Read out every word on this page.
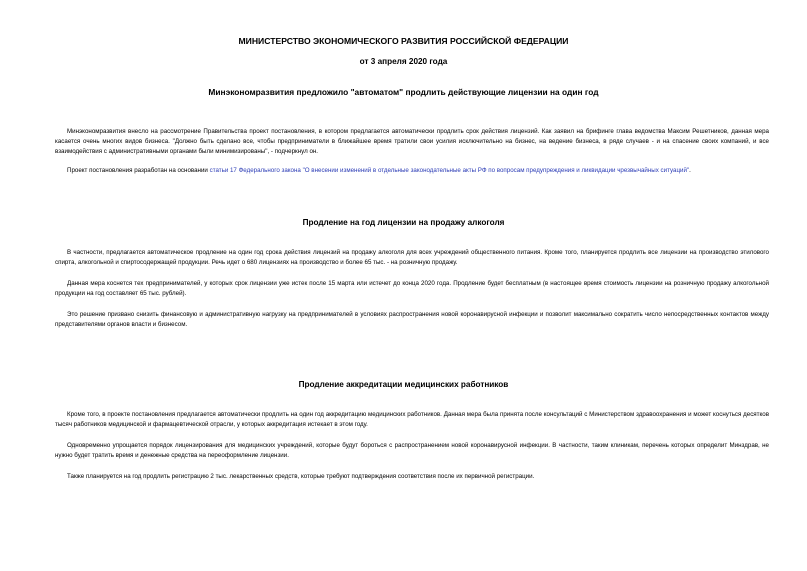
МИНИСТЕРСТВО ЭКОНОМИЧЕСКОГО РАЗВИТИЯ РОССИЙСКОЙ ФЕДЕРАЦИИ
от 3 апреля 2020 года
Минэкономразвития предложило "автоматом" продлить действующие лицензии на один год
Минэкономразвития внесло на рассмотрение Правительства проект постановления, в котором предлагается автоматически продлить срок действия лицензий. Как заявил на брифинге глава ведомства Максим Решетников, данная мера касается очень многих видов бизнеса. "Должно быть сделано все, чтобы предприниматели в ближайшее время тратили свои усилия исключительно на бизнес, на ведение бизнеса, в ряде случаев - и на спасение своих компаний, и все взаимодействия с административными органами были минимизированы", - подчеркнул он.
Проект постановления разработан на основании статьи 17 Федерального закона "О внесении изменений в отдельные законодательные акты РФ по вопросам предупреждения и ликвидации чрезвычайных ситуаций".
Продление на год лицензии на продажу алкоголя
В частности, предлагается автоматическое продление на один год срока действия лицензий на продажу алкоголя для всех учреждений общественного питания. Кроме того, планируется продлить все лицензии на производство этилового спирта, алкогольной и спиртосодержащей продукции. Речь идет о 680 лицензиях на производство и более 65 тыс. - на розничную продажу.
Данная мера коснется тех предпринимателей, у которых срок лицензии уже истек после 15 марта или истечет до конца 2020 года. Продление будет бесплатным (в настоящее время стоимость лицензии на розничную продажу алкогольной продукции на год составляет 65 тыс. рублей).
Это решение призвано снизить финансовую и административную нагрузку на предпринимателей в условиях распространения новой коронавирусной инфекции и позволит максимально сократить число непосредственных контактов между представителями органов власти и бизнесом.
Продление аккредитации медицинских работников
Кроме того, в проекте постановления предлагается автоматически продлить на один год аккредитацию медицинских работников. Данная мера была принята после консультаций с Министерством здравоохранения и может коснуться десятков тысяч работников медицинской и фармацевтической отрасли, у которых аккредитация истекает в этом году.
Одновременно упрощается порядок лицензирования для медицинских учреждений, которые будут бороться с распространением новой коронавирусной инфекции. В частности, таким клиникам, перечень которых определит Минздрав, не нужно будет тратить время и денежные средства на переоформление лицензии.
Также планируется на год продлить регистрацию 2 тыс. лекарственных средств, которые требуют подтверждения соответствия после их первичной регистрации.
